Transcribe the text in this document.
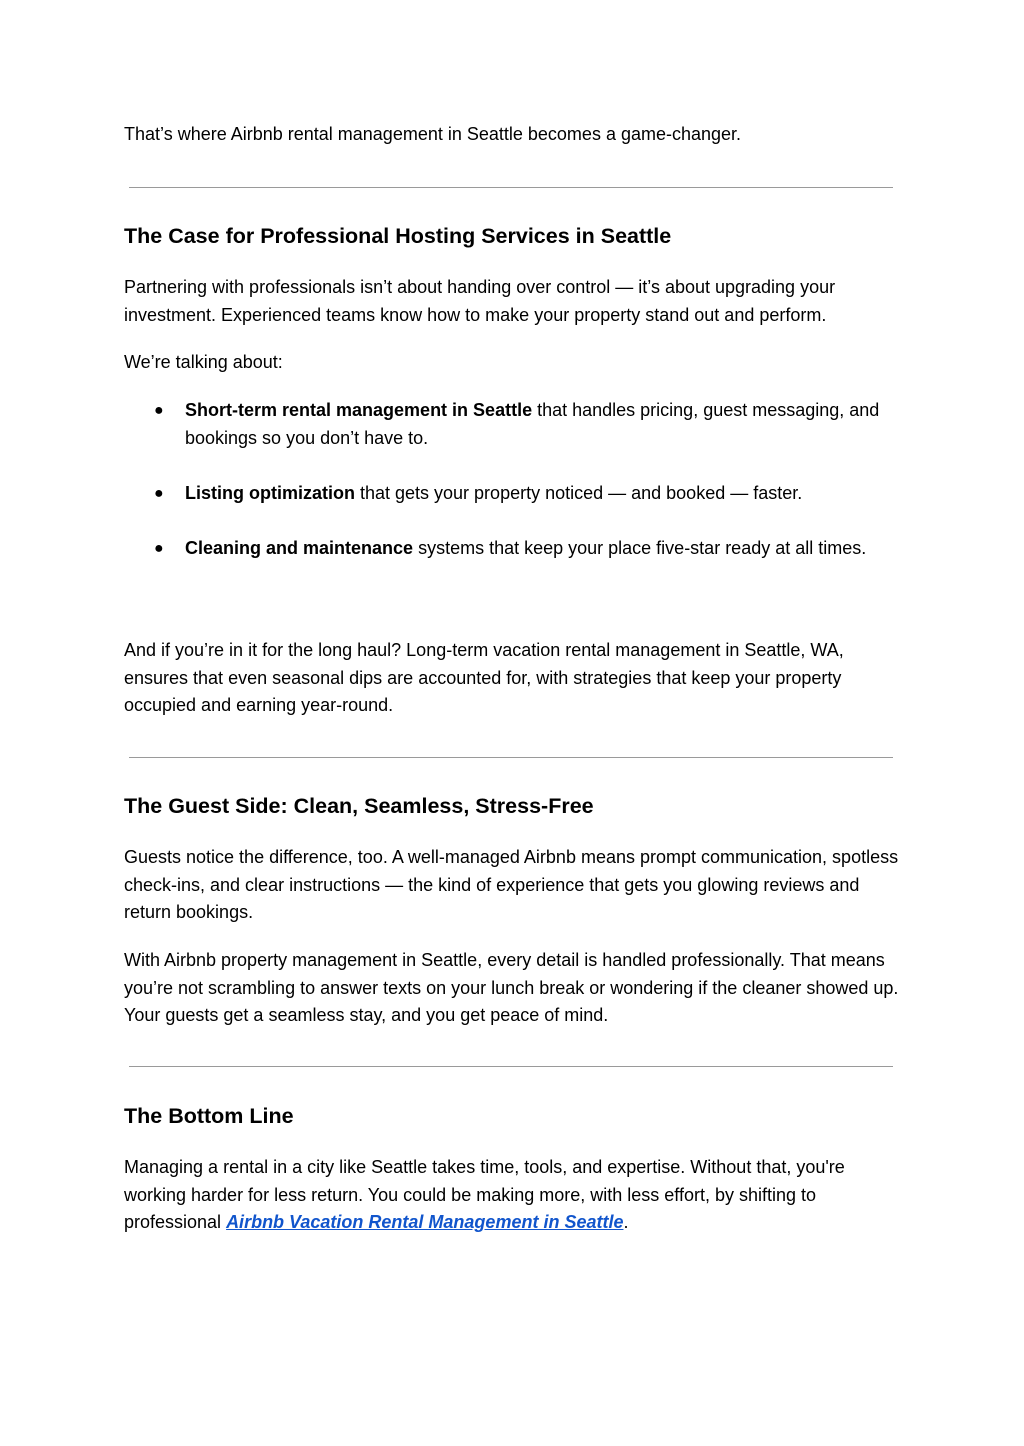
That’s where Airbnb rental management in Seattle becomes a game-changer.

The Case for Professional Hosting Services in Seattle

Partnering with professionals isn’t about handing over control — it’s about upgrading your investment. Experienced teams know how to make your property stand out and perform.

We’re talking about:

● Short-term rental management in Seattle that handles pricing, guest messaging, and bookings so you don’t have to.
● Listing optimization that gets your property noticed — and booked — faster.
● Cleaning and maintenance systems that keep your place five-star ready at all times.

And if you’re in it for the long haul? Long-term vacation rental management in Seattle, WA, ensures that even seasonal dips are accounted for, with strategies that keep your property occupied and earning year-round.

The Guest Side: Clean, Seamless, Stress-Free

Guests notice the difference, too. A well-managed Airbnb means prompt communication, spotless check-ins, and clear instructions — the kind of experience that gets you glowing reviews and return bookings.

With Airbnb property management in Seattle, every detail is handled professionally. That means you’re not scrambling to answer texts on your lunch break or wondering if the cleaner showed up. Your guests get a seamless stay, and you get peace of mind.

The Bottom Line

Managing a rental in a city like Seattle takes time, tools, and expertise. Without that, you're working harder for less return. You could be making more, with less effort, by shifting to professional Airbnb Vacation Rental Management in Seattle.
